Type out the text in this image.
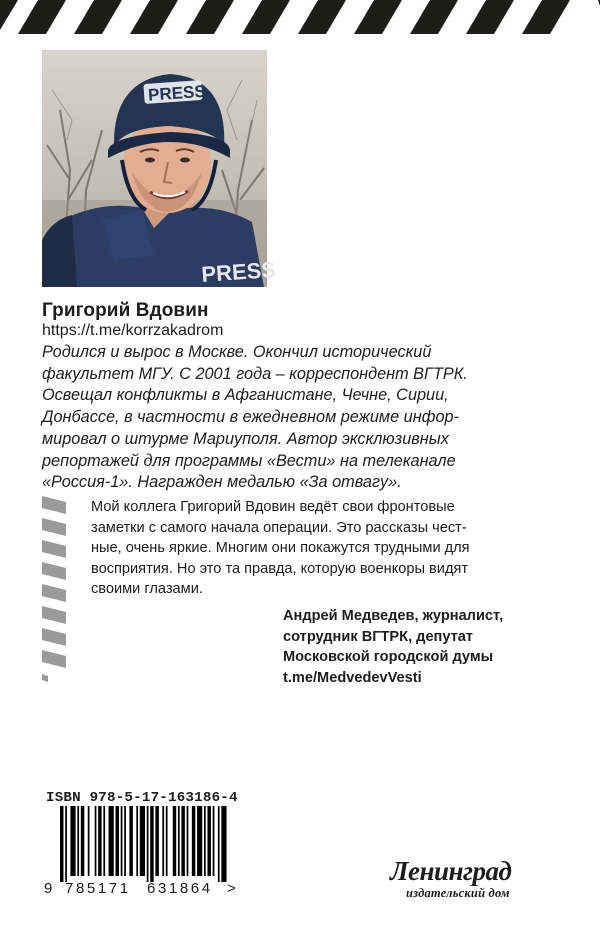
PRESS
PRESS
Григорий Вдовин
https://t.me/korrzakadrom

Родился и вырос в Москве. Окончил исторический
факультет МГУ. С 2001 года – корреспондент ВГТРК.
Освещал конфликты в Афганистане, Чечне, Сирии,
Донбассе, в частности в ежедневном режиме инфор-
мировал о штурме Мариуполя. Автор эксклюзивных
репортажей для программы «Вести» на телеканале
«Россия-1». Награжден медалью «За отвагу».

Мой коллега Григорий Вдовин ведёт свои фронтовые
заметки с самого начала операции. Это рассказы чест-
ные, очень яркие. Многим они покажутся трудными для
восприятия. Но это та правда, которую военкоры видят
своими глазами.

Андрей Медведев, журналист,
сотрудник ВГТРК, депутат
Московской городской думы
t.me/MedvedevVesti

ISBN 978-5-17-163186-4
9 785171 631864 >
Ленинград
издательский дом
